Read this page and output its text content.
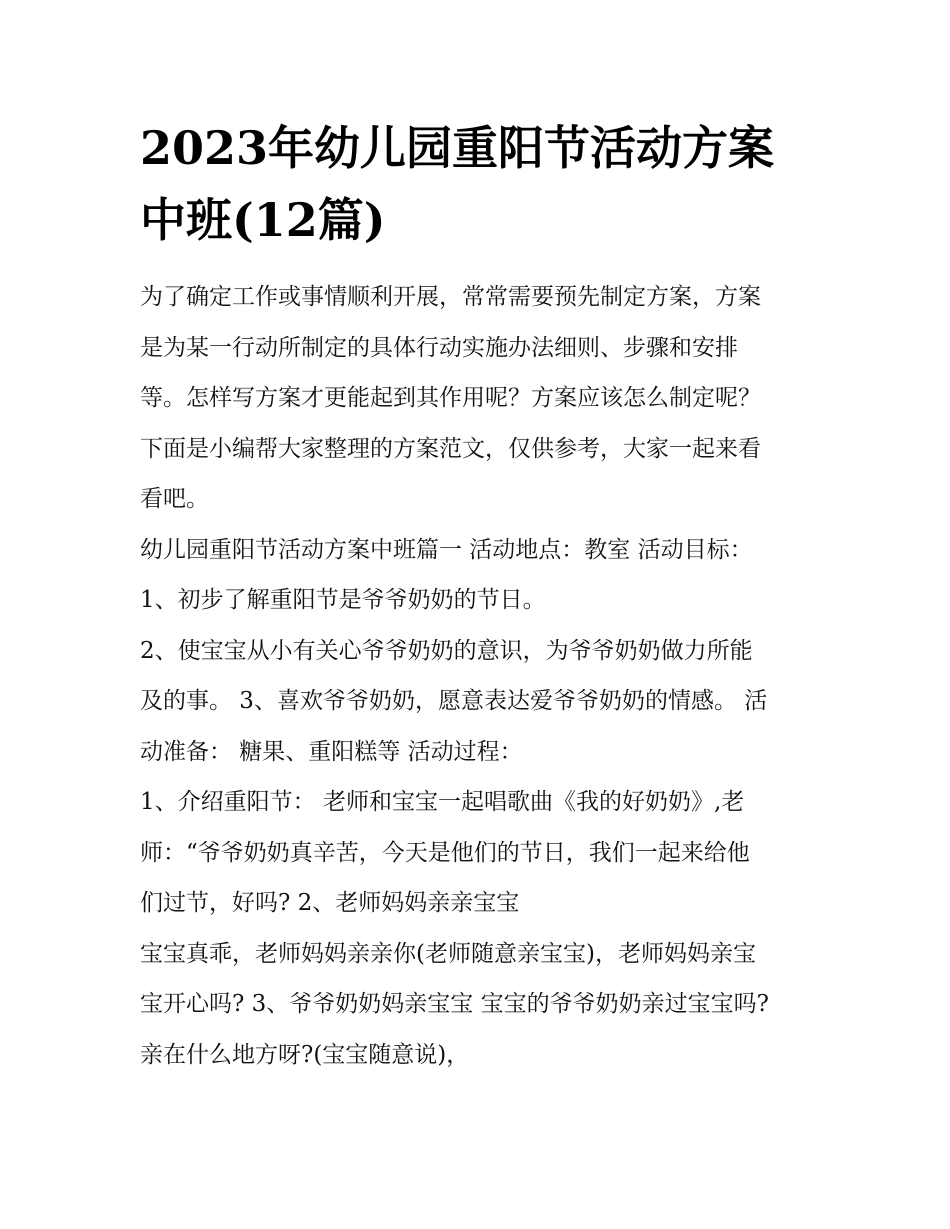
2023年幼儿园重阳节活动方案
中班(12篇)
为了确定工作或事情顺利开展，常常需要预先制定方案，方案
是为某一行动所制定的具体行动实施办法细则、步骤和安排
等。怎样写方案才更能起到其作用呢？方案应该怎么制定呢？
下面是小编帮大家整理的方案范文，仅供参考，大家一起来看
看吧。
幼儿园重阳节活动方案中班篇一 活动地点：教室 活动目标：
1、初步了解重阳节是爷爷奶奶的节日。
2、使宝宝从小有关心爷爷奶奶的意识，为爷爷奶奶做力所能
及的事。 3、喜欢爷爷奶奶，愿意表达爱爷爷奶奶的情感。 活
动准备： 糖果、重阳糕等 活动过程：
1、介绍重阳节： 老师和宝宝一起唱歌曲《我的好奶奶》,老
师：“爷爷奶奶真辛苦，今天是他们的节日，我们一起来给他
们过节，好吗? 2、老师妈妈亲亲宝宝
宝宝真乖，老师妈妈亲亲你(老师随意亲宝宝)，老师妈妈亲宝
宝开心吗? 3、爷爷奶奶妈亲宝宝 宝宝的爷爷奶奶亲过宝宝吗?
亲在什么地方呀?(宝宝随意说)，
